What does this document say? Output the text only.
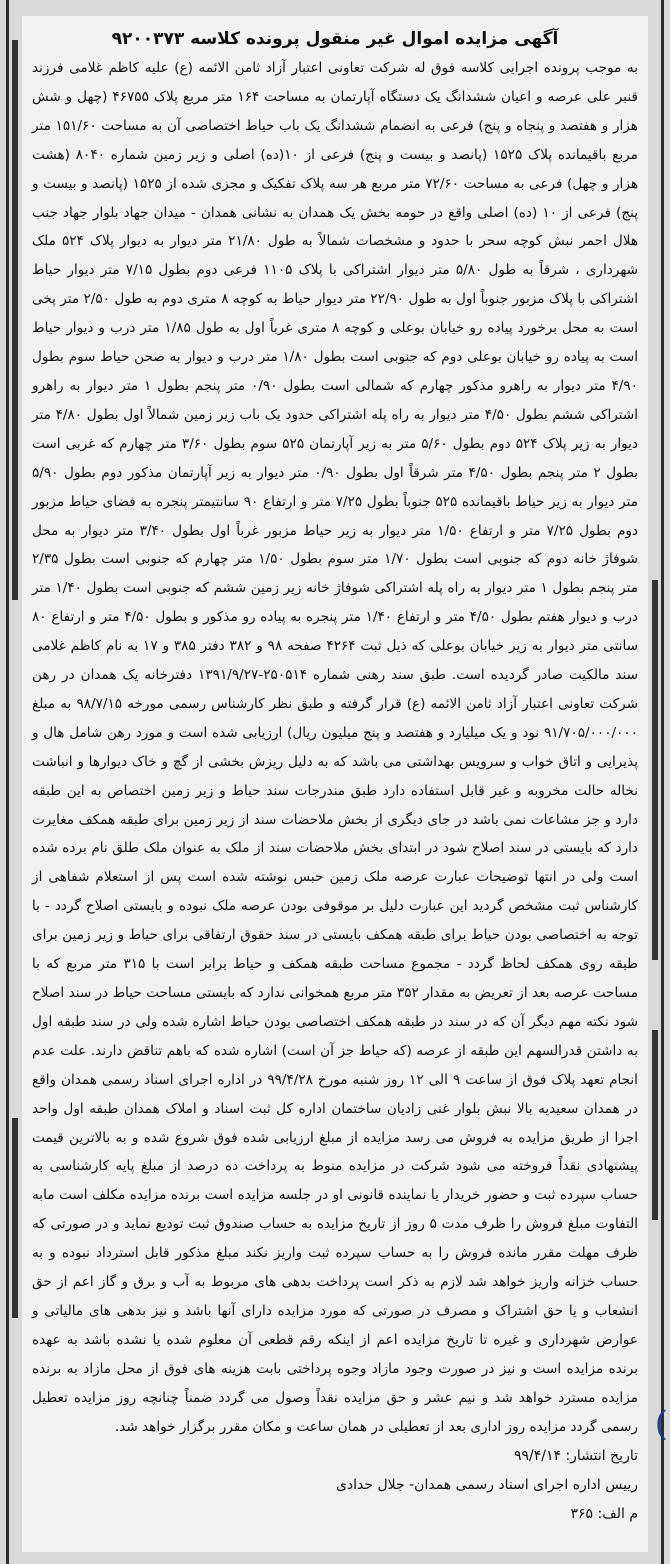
(
آگهی مزایده اموال غیر منقول پرونده کلاسه ۹۲۰۰۳۷۳

به موجب پرونده اجرایی کلاسه فوق له شرکت تعاونی اعتبار آزاد ثامن الائمه (ع) علیه کاظم غلامی فرزند قنبر علی عرصه و اعیان ششدانگ یک دستگاه آپارتمان به مساحت ۱۶۴ متر مربع پلاک ۴۶۷۵۵ (چهل و شش هزار و هفتصد و پنجاه و پنج) فرعی به انضمام ششدانگ یک باب حیاط اختصاصی آن به مساحت ۱۵۱/۶۰ متر مربع باقیمانده پلاک ۱۵۲۵ (پانصد و بیست و پنج) فرعی از ۱۰(ده) اصلی و زیر زمین شماره ۸۰۴۰ (هشت هزار و چهل) فرعی به مساحت ۷۲/۶۰ متر مربع هر سه پلاک تفکیک و مجزی شده از ۱۵۲۵ (پانصد و بیست و پنج) فرعی از ۱۰ (ده) اصلی واقع در حومه بخش یک همدان به نشانی همدان - میدان جهاد بلوار جهاد جنب هلال احمر نبش کوچه سحر با حدود و مشخصات شمالاً به طول ۲۱/۸۰ متر دیوار به دیوار پلاک ۵۲۴ ملک شهرداری ، شرقاً به طول ۵/۸۰ متر دیوار اشتراکی با پلاک ۱۱۰۵ فرعی دوم بطول ۷/۱۵ متر دیوار حیاط اشتراکی با پلاک مزبور جنوباً اول به طول ۲۲/۹۰ متر دیوار حیاط به کوچه ۸ متری دوم به طول ۲/۵۰ متر پخی است به محل برخورد پیاده رو خیابان بوعلی و کوچه ۸ متری غرباً اول به طول ۱/۸۵ متر درب و دیوار حیاط است به پیاده رو خیابان بوعلی دوم که جنوبی است بطول ۱/۸۰ متر درب و دیوار به صحن حیاط سوم بطول ۴/۹۰ متر دیوار به راهرو مذکور چهارم که شمالی است بطول ۰/۹۰ متر پنجم بطول ۱ متر دیوار به راهرو اشتراکی ششم بطول ۴/۵۰ متر دیوار به راه پله اشتراکی حدود یک باب زیر زمین شمالاً اول بطول ۴/۸۰ متر دیوار به زیر پلاک ۵۲۴ دوم بطول ۵/۶۰ متر به زیر آپارتمان ۵۲۵ سوم بطول ۳/۶۰ متر چهارم که غربی است بطول ۲ متر پنجم بطول ۴/۵۰ متر شرقاً اول بطول ۰/۹۰ متر دیوار به زیر آپارتمان مذکور دوم بطول ۵/۹۰ متر دیوار به زیر حیاط باقیمانده ۵۲۵ جنوباً بطول ۷/۲۵ متر و ارتفاع ۹۰ سانتیمتر پنجره به فضای حیاط مزبور دوم بطول ۷/۲۵ متر و ارتفاع ۱/۵۰ متر دیوار به زیر حیاط مزبور غرباً اول بطول ۳/۴۰ متر دیوار به محل شوفاژ خانه دوم که جنوبی است بطول ۱/۷۰ متر سوم بطول ۱/۵۰ متر چهارم که جنوبی است بطول ۲/۳۵ متر پنجم بطول ۱ متر دیوار به راه پله اشتراکی شوفاژ خانه زیر زمین ششم که جنوبی است بطول ۱/۴۰ متر درب و دیوار هفتم بطول ۴/۵۰ متر و ارتفاع ۱/۴۰ متر پنجره به پیاده رو مذکور و بطول ۴/۵۰ متر و ارتفاع ۸۰ سانتی متر دیوار به زیر خیابان بوعلی که ذیل ثبت ۴۲۶۴ صفحه ۹۸ و ۳۸۲ دفتر ۳۸۵ و ۱۷ به نام کاظم غلامی سند مالکیت صادر گردیده است. طبق سند رهنی شماره ۲۵۰۵۱۴-۱۳۹۱/۹/۲۷ دفترخانه یک همدان در رهن شرکت تعاونی اعتبار آزاد ثامن الائمه (ع) قرار گرفته و طبق نظر کارشناس رسمی مورخه ۹۸/۷/۱۵ به مبلغ ۹۱/۷۰۵/۰۰۰/۰۰۰ نود و یک میلیارد و هفتصد و پنج میلیون ریال) ارزیابی شده است و مورد رهن شامل هال و پذیرایی و اتاق خواب و سرویس بهداشتی می باشد که به دلیل ریزش بخشی از گچ و خاک دیوارها و انباشت نخاله حالت مخروبه و غیر قابل استفاده دارد طبق مندرجات سند حیاط و زیر زمین اختصاص به این طبقه دارد و جز مشاعات نمی باشد در جای دیگری از بخش ملاحضات سند از زیر زمین برای طبقه همکف مغایرت دارد که بایستی در سند اصلاح شود در ابتدای بخش ملاحضات سند از ملک به عنوان ملک طلق نام برده شده است ولی در انتها توضیحات عبارت عرصه ملک زمین حبس نوشته شده است پس از استعلام شفاهی از کارشناس ثبت مشخص گردید این عبارت دلیل بر موقوفی بودن عرصه ملک نبوده و بایستی اصلاح گردد - با توجه به اختصاصی بودن حیاط برای طبقه همکف بایستی در سند حقوق ارتفاقی برای حیاط و زیر زمین برای طبقه روی همکف لحاظ گردد - مجموع مساحت طبقه همکف و حیاط برابر است با ۳۱۵ متر مربع که با مساحت عرصه بعد از تعریض به مقدار ۳۵۲ متر مربع همخوانی ندارد که بایستی مساحت حیاط در سند اصلاح شود نکته مهم دیگر آن که در سند در طبقه همکف اختصاصی بودن حیاط اشاره شده ولی در سند طبقه اول به داشتن قدرالسهم این طبقه از عرصه (که حیاط جز آن است) اشاره شده که باهم تناقض دارند. علت عدم انجام تعهد پلاک فوق از ساعت ۹ الی ۱۲ روز شنبه مورخ ۹۹/۴/۲۸ در اداره اجرای اسناد رسمی همدان واقع در همدان سعیدیه بالا نبش بلوار غنی زادیان ساختمان اداره کل ثبت اسناد و املاک همدان طبقه اول واحد اجرا از طریق مزایده به فروش می رسد مزایده از مبلغ ارزیابی شده فوق شروع شده و به بالاترین قیمت پیشنهادی نقداً فروخته می شود شرکت در مزایده منوط به پرداخت ده درصد از مبلغ پایه کارشناسی به حساب سپرده ثبت و حضور خریدار یا نماینده قانونی او در جلسه مزایده است برنده مزایده مکلف است مابه التفاوت مبلغ فروش را ظرف مدت ۵ روز از تاریخ مزایده به حساب صندوق ثبت تودیع نماید و در صورتی که ظرف مهلت مقرر مانده فروش را به حساب سپرده ثبت واریز نکند مبلغ مذکور قابل استرداد نبوده و به حساب خزانه واریز خواهد شد لازم به ذکر است پرداخت بدهی های مربوط به آب و برق و گاز اعم از حق انشعاب و یا حق اشتراک و مصرف در صورتی که مورد مزایده دارای آنها باشد و نیز بدهی های مالیاتی و عوارض شهرداری و غیره تا تاریخ مزایده اعم از اینکه رقم قطعی آن معلوم شده یا نشده باشد به عهده برنده مزایده است و نیز در صورت وجود مازاد وجوه پرداختی بابت هزینه های فوق از محل مازاد به برنده مزایده مسترد خواهد شد و نیم عشر و حق مزایده نقداً وصول می گردد ضمناً چنانچه روز مزایده تعطیل رسمی گردد مزایده روز اداری بعد از تعطیلی در همان ساعت و مکان مقرر برگزار خواهد شد.

تاریخ انتشار: ۹۹/۴/۱۴
رییس اداره اجرای اسناد رسمی همدان- جلال حدادی
م الف: ۳۶۵
